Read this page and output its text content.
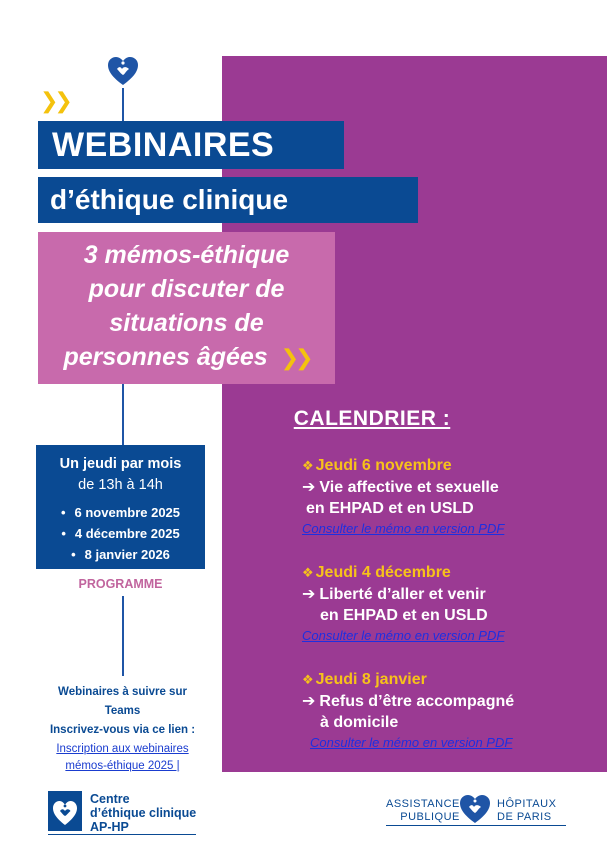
❯❯
WEBINAIRES
d’éthique clinique
3 mémos-éthique
pour discuter de
situations de
personnes âgées ❯❯
Un jeudi par mois
de 13h à 14h
• 6 novembre 2025
• 4 décembre 2025
• 8 janvier 2026
PROGRAMME
Webinaires à suivre sur
Teams
Inscrivez-vous via ce lien :
Inscription aux webinaires
mémos-éthique 2025 |
CALENDRIER :
❖ Jeudi 6 novembre
➔ Vie affective et sexuelle
en EHPAD et en USLD
Consulter le mémo en version PDF
❖ Jeudi 4 décembre
➔ Liberté d’aller et venir
en EHPAD et en USLD
Consulter le mémo en version PDF
❖ Jeudi 8 janvier
➔ Refus d’être accompagné
à domicile
Consulter le mémo en version PDF
Centre
d’éthique clinique
AP-HP
ASSISTANCE
PUBLIQUE
HÔPITAUX
DE PARIS
